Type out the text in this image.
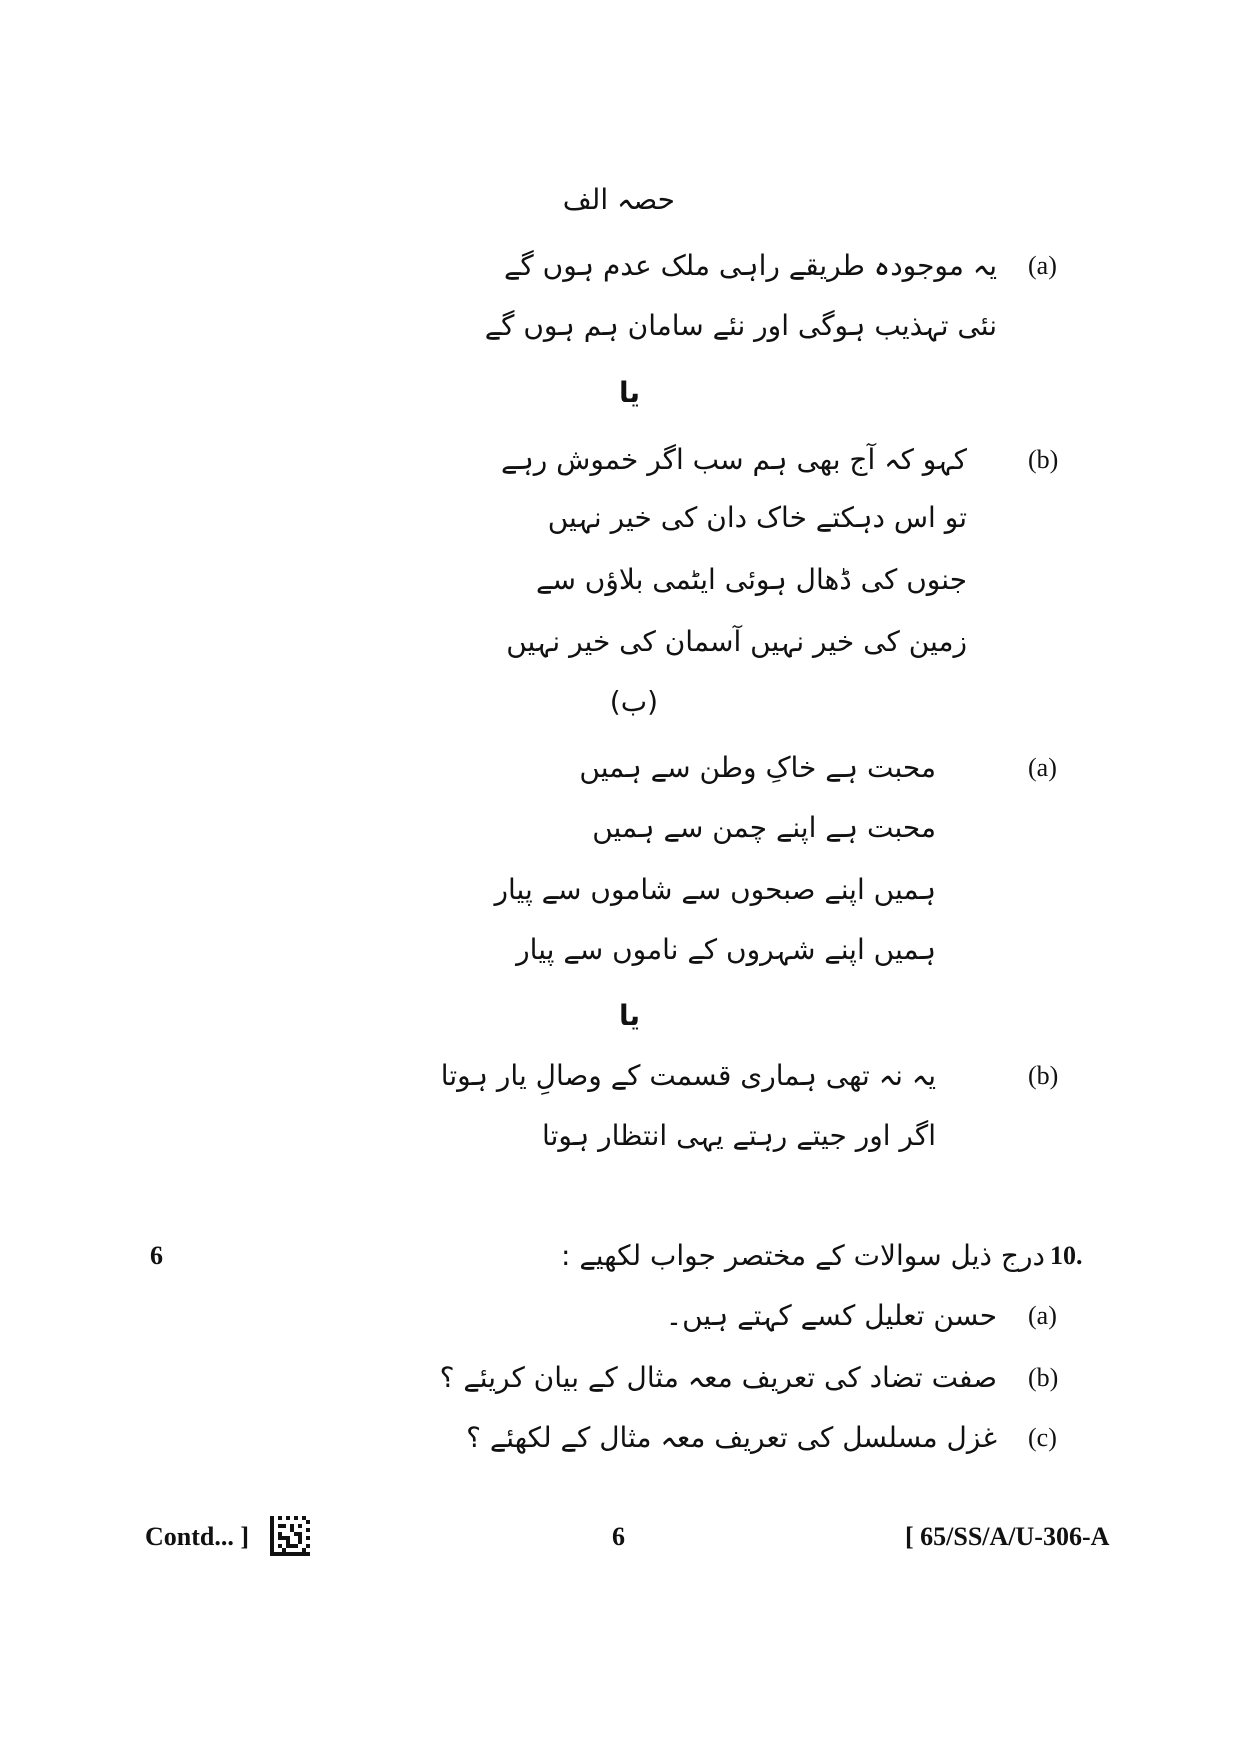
حصہ الف
(a)
یہ موجودہ طریقے راہی ملک عدم ہوں گے
نئی تہذیب ہوگی اور نئے سامان ہم ہوں گے
یا
(b)
کہو کہ آج بھی ہم سب اگر خموش رہے
تو اس دہکتے خاک دان کی خیر نہیں
جنوں کی ڈھال ہوئی ایٹمی بلاؤں سے
زمین کی خیر نہیں آسمان کی خیر نہیں
(ب)
(a)
محبت ہے خاکِ وطن سے ہمیں
محبت ہے اپنے چمن سے ہمیں
ہمیں اپنے صبحوں سے شاموں سے پیار
ہمیں اپنے شہروں کے ناموں سے پیار
یا
(b)
یہ نہ تھی ہماری قسمت کے وصالِ یار ہوتا
اگر اور جیتے رہتے یہی انتظار ہوتا
6	10.
درج ذیل سوالات کے مختصر جواب لکھیے :
(a)
حسن تعلیل کسے کہتے ہیں۔
(b)
صفت تضاد کی تعریف معہ مثال کے بیان کریئے ؟
(c)
غزل مسلسل کی تعریف معہ مثال کے لکھئے ؟
Contd... ]	6	[ 65/SS/A/U-306-A
